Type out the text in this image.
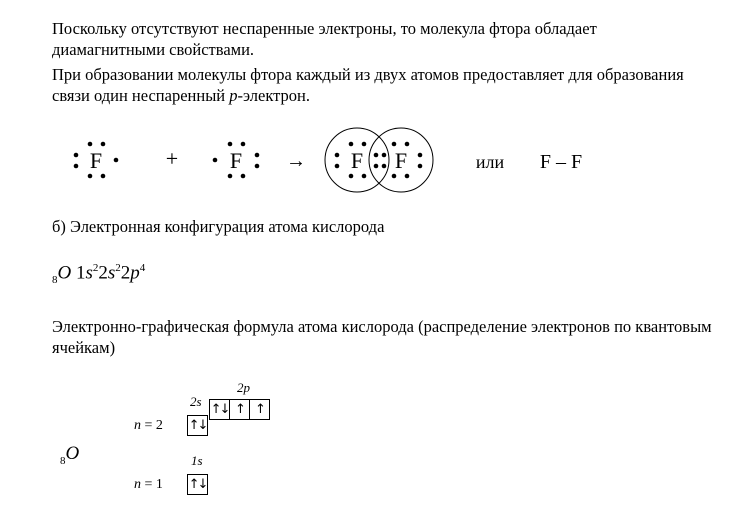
Поскольку отсутствуют неспаренные электроны, то молекула фтора обладает диамагнитными свойствами.

При образовании молекулы фтора каждый из двух атомов предоставляет для образования связи один неспаренный p-электрон.

F	+ F → F F	или F – F

б) Электронная конфигурация атома кислорода

$_8$O $1s^22s^22p^4$

Электронно-графическая формула атома кислорода (распределение электронов по квантовым ячейкам)

2p
2s
↑↓ ↑ ↑
↑↓
n = 2
$_8$O	1s
↑↓
n = 1
